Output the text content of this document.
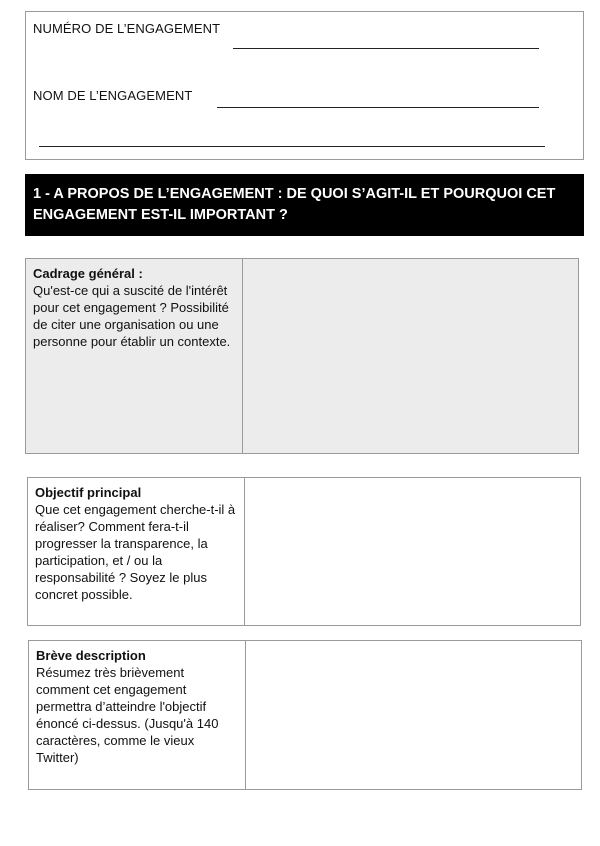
NUMÉRO DE L’ENGAGEMENT
NOM DE L’ENGAGEMENT
1 - A PROPOS DE L’ENGAGEMENT : DE QUOI S’AGIT-IL ET POURQUOI CET ENGAGEMENT EST-IL IMPORTANT ?
Cadrage général :
Qu'est-ce qui a suscité de l'intérêt pour cet engagement ? Possibilité de citer une organisation ou une personne pour établir un contexte.
Objectif principal
Que cet engagement cherche-t-il à réaliser? Comment fera-t-il progresser la transparence, la participation, et / ou la responsabilité ? Soyez le plus concret possible.
Brève description
Résumez très brièvement comment cet engagement permettra d’atteindre l'objectif énoncé ci-dessus. (Jusqu'à 140 caractères, comme le vieux Twitter)
